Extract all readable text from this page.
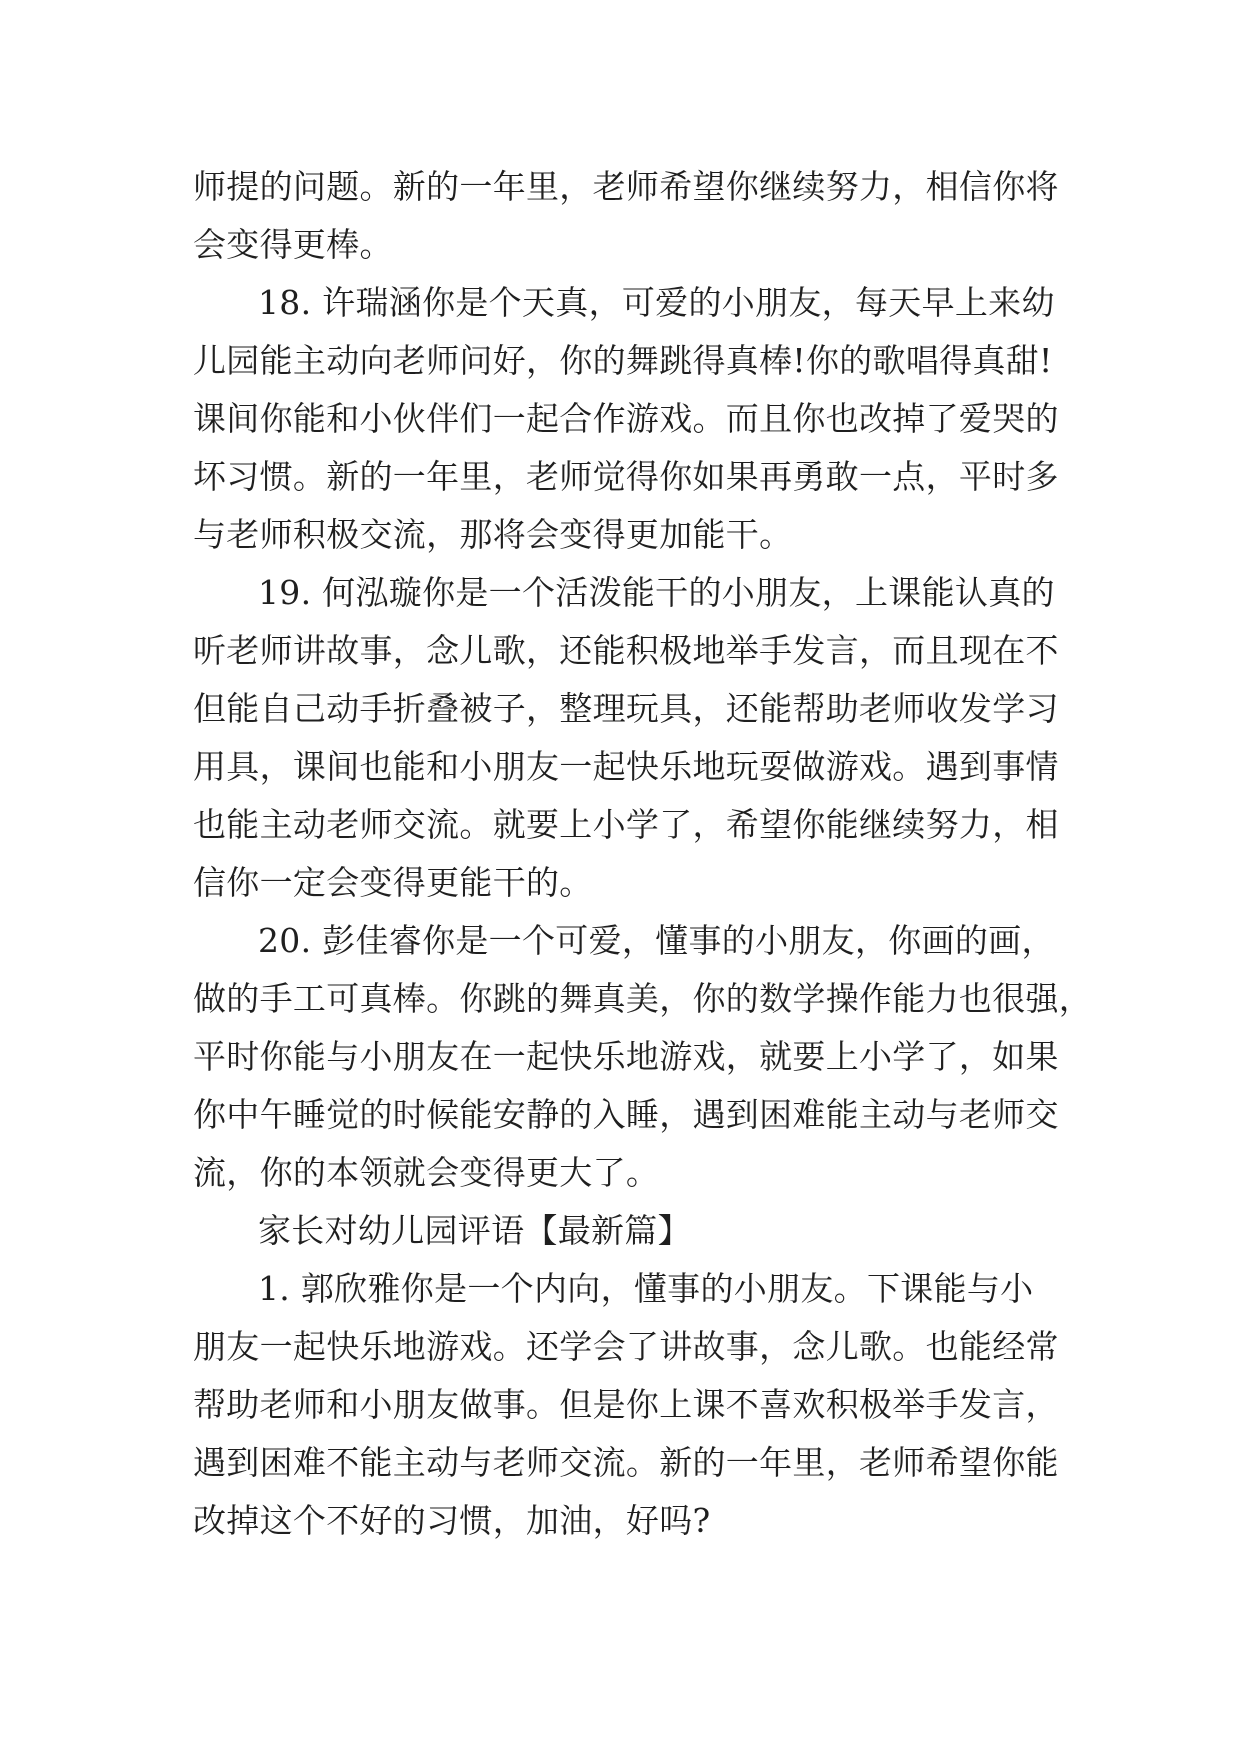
师提的问题。新的一年里，老师希望你继续努力，相信你将
会变得更棒。
18. 许瑞涵你是个天真，可爱的小朋友，每天早上来幼
儿园能主动向老师问好，你的舞跳得真棒!你的歌唱得真甜!
课间你能和小伙伴们一起合作游戏。而且你也改掉了爱哭的
坏习惯。新的一年里，老师觉得你如果再勇敢一点，平时多
与老师积极交流，那将会变得更加能干。
19. 何泓璇你是一个活泼能干的小朋友，上课能认真的
听老师讲故事，念儿歌，还能积极地举手发言，而且现在不
但能自己动手折叠被子，整理玩具，还能帮助老师收发学习
用具，课间也能和小朋友一起快乐地玩耍做游戏。遇到事情
也能主动老师交流。就要上小学了，希望你能继续努力，相
信你一定会变得更能干的。
20. 彭佳睿你是一个可爱，懂事的小朋友，你画的画，
做的手工可真棒。你跳的舞真美，你的数学操作能力也很强，
平时你能与小朋友在一起快乐地游戏，就要上小学了，如果
你中午睡觉的时候能安静的入睡，遇到困难能主动与老师交
流，你的本领就会变得更大了。
家长对幼儿园评语【最新篇】
1. 郭欣雅你是一个内向，懂事的小朋友。下课能与小
朋友一起快乐地游戏。还学会了讲故事，念儿歌。也能经常
帮助老师和小朋友做事。但是你上课不喜欢积极举手发言，
遇到困难不能主动与老师交流。新的一年里，老师希望你能
改掉这个不好的习惯，加油，好吗?
